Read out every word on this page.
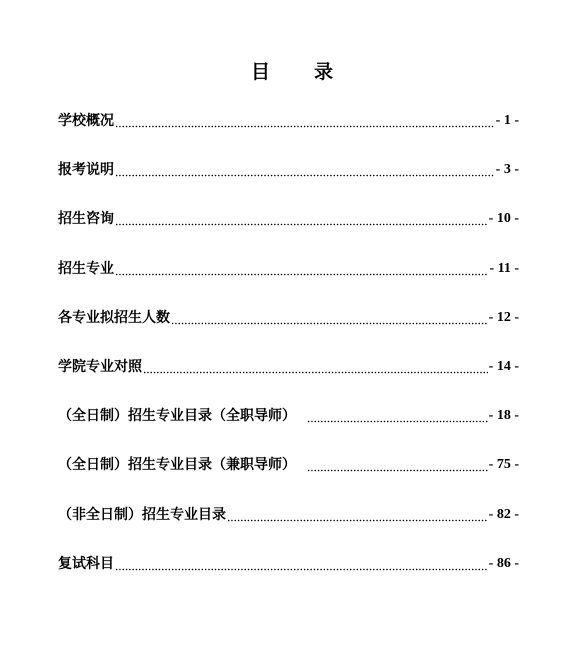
目 录
学校概况	- 1 -
报考说明	- 3 -
招生咨询	- 10 -
招生专业	- 11 -
各专业拟招生人数	- 12 -
学院专业对照	- 14 -
（全日制）招生专业目录（全职导师）	- 18 -
（全日制）招生专业目录（兼职导师）	- 75 -
（非全日制）招生专业目录	- 82 -
复试科目	- 86 -
